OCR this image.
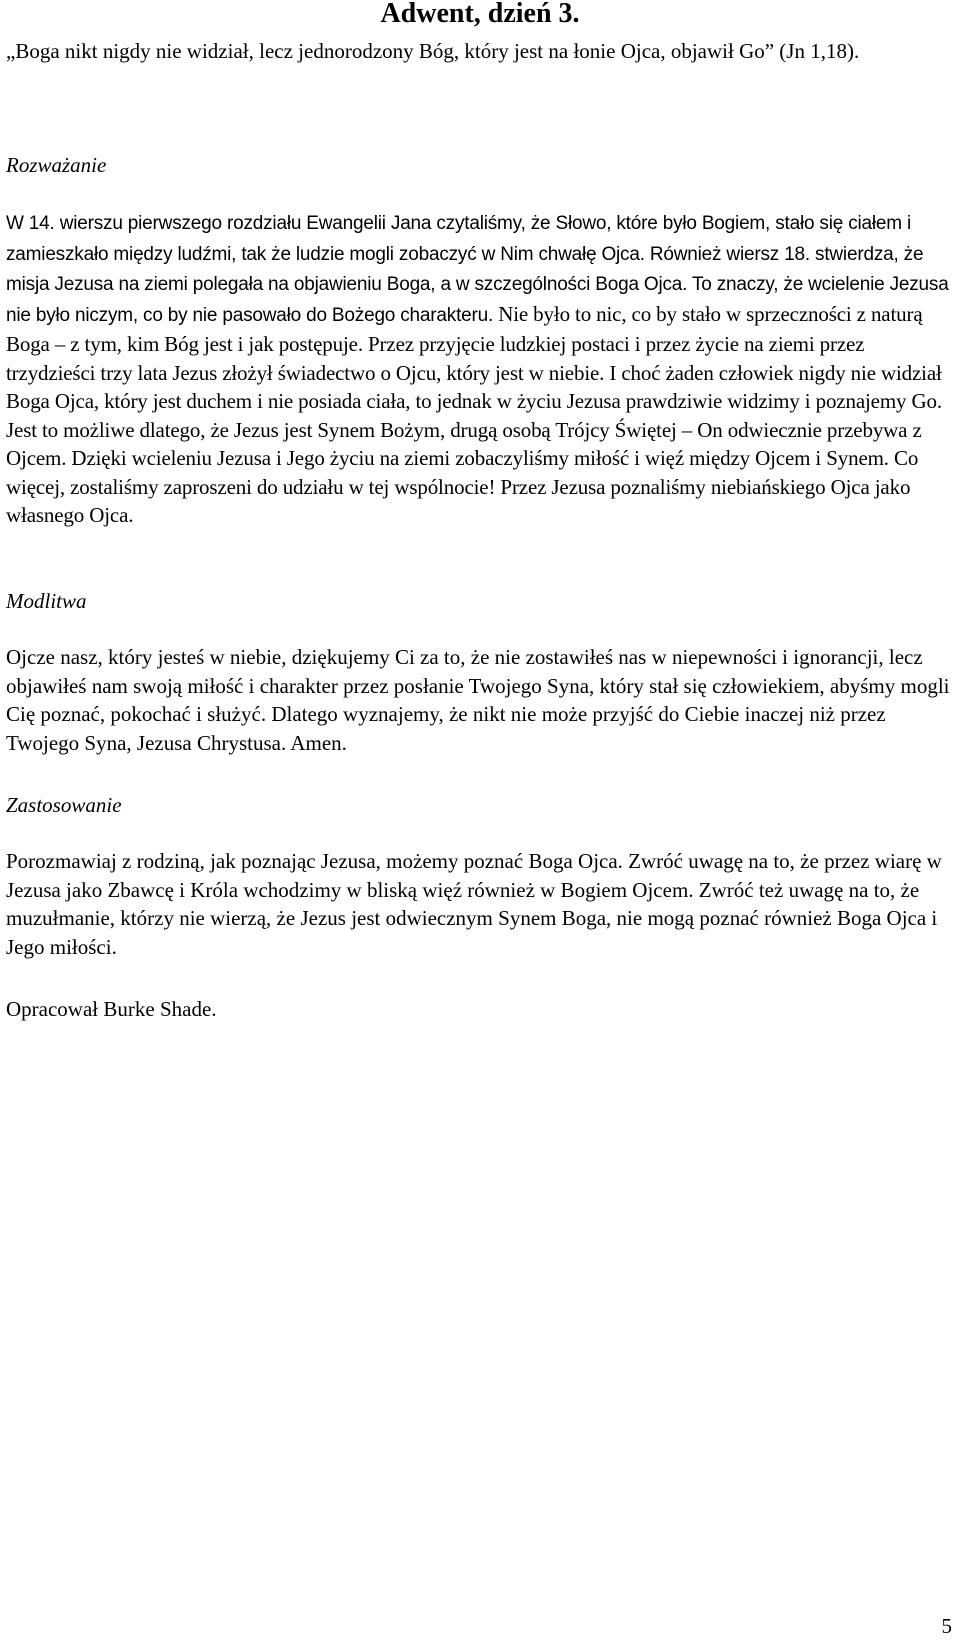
Adwent, dzień 3.

„Boga nikt nigdy nie widział, lecz jednorodzony Bóg, który jest na łonie Ojca, objawił Go” (Jn 1,18).

Rozważanie

W 14. wierszu pierwszego rozdziału Ewangelii Jana czytaliśmy, że Słowo, które było Bogiem, stało się ciałem i zamieszkało między ludźmi, tak że ludzie mogli zobaczyć w Nim chwałę Ojca. Również wiersz 18. stwierdza, że misja Jezusa na ziemi polegała na objawieniu Boga, a w szczególności Boga Ojca. To znaczy, że wcielenie Jezusa nie było niczym, co by nie pasowało do Bożego charakteru. Nie było to nic, co by stało w sprzeczności z naturą Boga – z tym, kim Bóg jest i jak postępuje. Przez przyjęcie ludzkiej postaci i przez życie na ziemi przez trzydzieści trzy lata Jezus złożył świadectwo o Ojcu, który jest w niebie. I choć żaden człowiek nigdy nie widział Boga Ojca, który jest duchem i nie posiada ciała, to jednak w życiu Jezusa prawdziwie widzimy i poznajemy Go. Jest to możliwe dlatego, że Jezus jest Synem Bożym, drugą osobą Trójcy Świętej – On odwiecznie przebywa z Ojcem. Dzięki wcieleniu Jezusa i Jego życiu na ziemi zobaczyliśmy miłość i więź między Ojcem i Synem. Co więcej, zostaliśmy zaproszeni do udziału w tej wspólnocie! Przez Jezusa poznaliśmy niebiańskiego Ojca jako własnego Ojca.

Modlitwa

Ojcze nasz, który jesteś w niebie, dziękujemy Ci za to, że nie zostawiłeś nas w niepewności i ignorancji, lecz objawiłeś nam swoją miłość i charakter przez posłanie Twojego Syna, który stał się człowiekiem, abyśmy mogli Cię poznać, pokochać i służyć. Dlatego wyznajemy, że nikt nie może przyjść do Ciebie inaczej niż przez Twojego Syna, Jezusa Chrystusa. Amen.

Zastosowanie

Porozmawiaj z rodziną, jak poznając Jezusa, możemy poznać Boga Ojca. Zwróć uwagę na to, że przez wiarę w Jezusa jako Zbawcę i Króla wchodzimy w bliską więź również w Bogiem Ojcem. Zwróć też uwagę na to, że muzułmanie, którzy nie wierzą, że Jezus jest odwiecznym Synem Boga, nie mogą poznać również Boga Ojca i Jego miłości.

Opracował Burke Shade.

5
